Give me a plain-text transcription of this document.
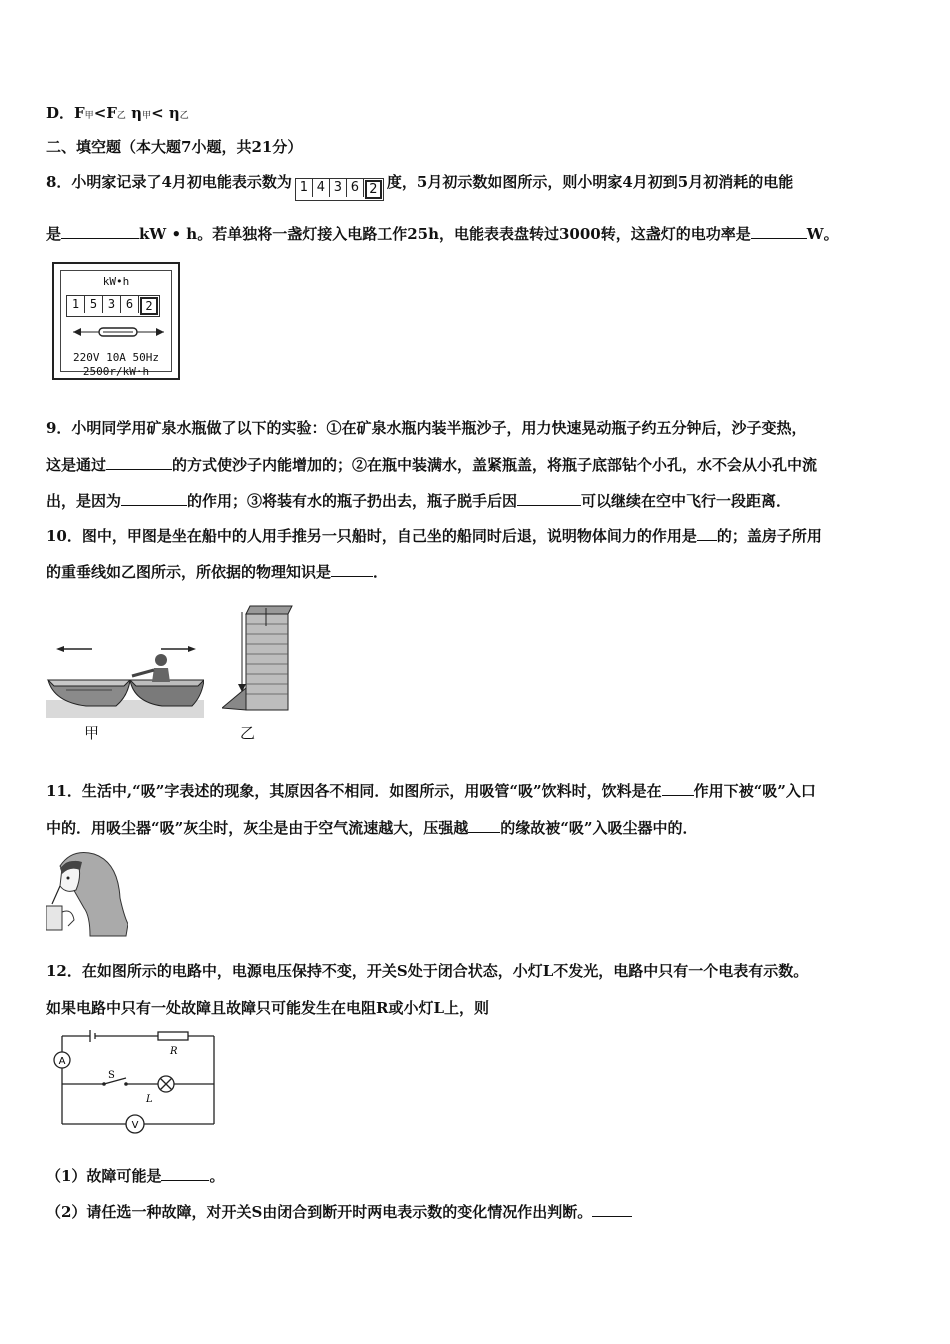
D．F甲<F乙 η甲< η乙
二、填空题（本大题7小题，共21分）
8．小明家记录了4月初电能表示数为 1 4 3 6 2 度，5月初示数如图所示，则小明家4月初到5月初消耗的电能
是	kW • h。若单独将一盏灯接入电路工作25h，电能表表盘转过3000转，这盏灯的电功率是	W。
kW•h
1 5 3 6	2
220V 10A 50Hz
2500r/kW·h
9．小明同学用矿泉水瓶做了以下的实验：①在矿泉水瓶内装半瓶沙子，用力快速晃动瓶子约五分钟后，沙子变热，
这是通过	的方式使沙子内能增加的；②在瓶中装满水，盖紧瓶盖，将瓶子底部钻个小孔，水不会从小孔中流
出，是因为	的作用；③将装有水的瓶子扔出去，瓶子脱手后因	可以继续在空中飞行一段距离．
10．图中，甲图是坐在船中的人用手推另一只船时，自己坐的船同时后退，说明物体间力的作用是 的；盖房子所用
的重垂线如乙图所示，所依据的物理知识是	．
甲	乙
11．生活中,“吸”字表述的现象，其原因各不相同．如图所示，用吸管“吸”饮料时，饮料是在 作用下被“吸”入口
中的．用吸尘器“吸”灰尘时，灰尘是由于空气流速越大，压强越 的缘故被“吸”入吸尘器中的．
12．在如图所示的电路中，电源电压保持不变，开关S处于闭合状态，小灯L不发光，电路中只有一个电表有示数。
如果电路中只有一处故障且故障只可能发生在电阻R或小灯L上，则
A
V
R
S
L
（1）故障可能是	。
（2）请任选一种故障，对开关S由闭合到断开时两电表示数的变化情况作出判断。
